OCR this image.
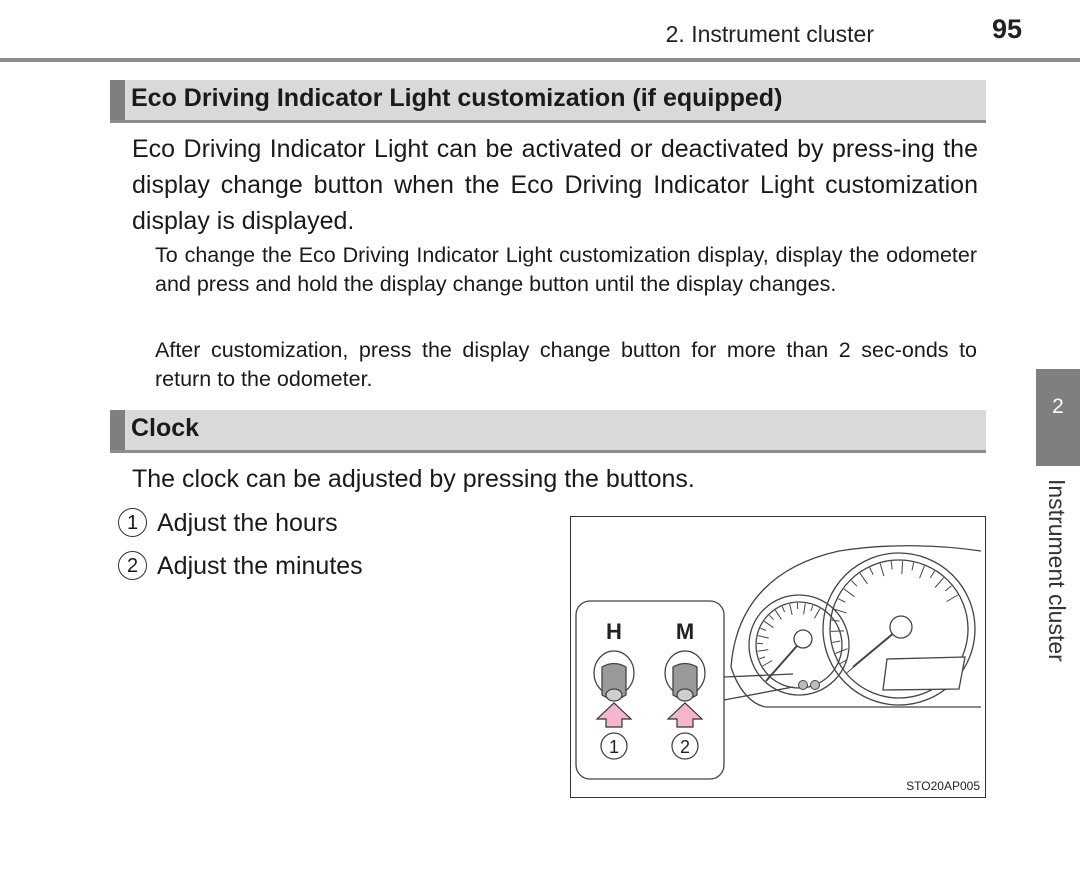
2. Instrument cluster	95
Eco Driving Indicator Light customization (if equipped)

Eco Driving Indicator Light can be activated or deactivated by press-ing the display change button when the Eco Driving Indicator Light customization display is displayed.

To change the Eco Driving Indicator Light customization display, display the odometer and press and hold the display change button until the display changes.

After customization, press the display change button for more than 2 sec-onds to return to the odometer.

Clock

The clock can be adjusted by pressing the buttons.

1 Adjust the hours
2 Adjust the minutes
H M
1	2
STO20AP005
2
Instrument cluster
